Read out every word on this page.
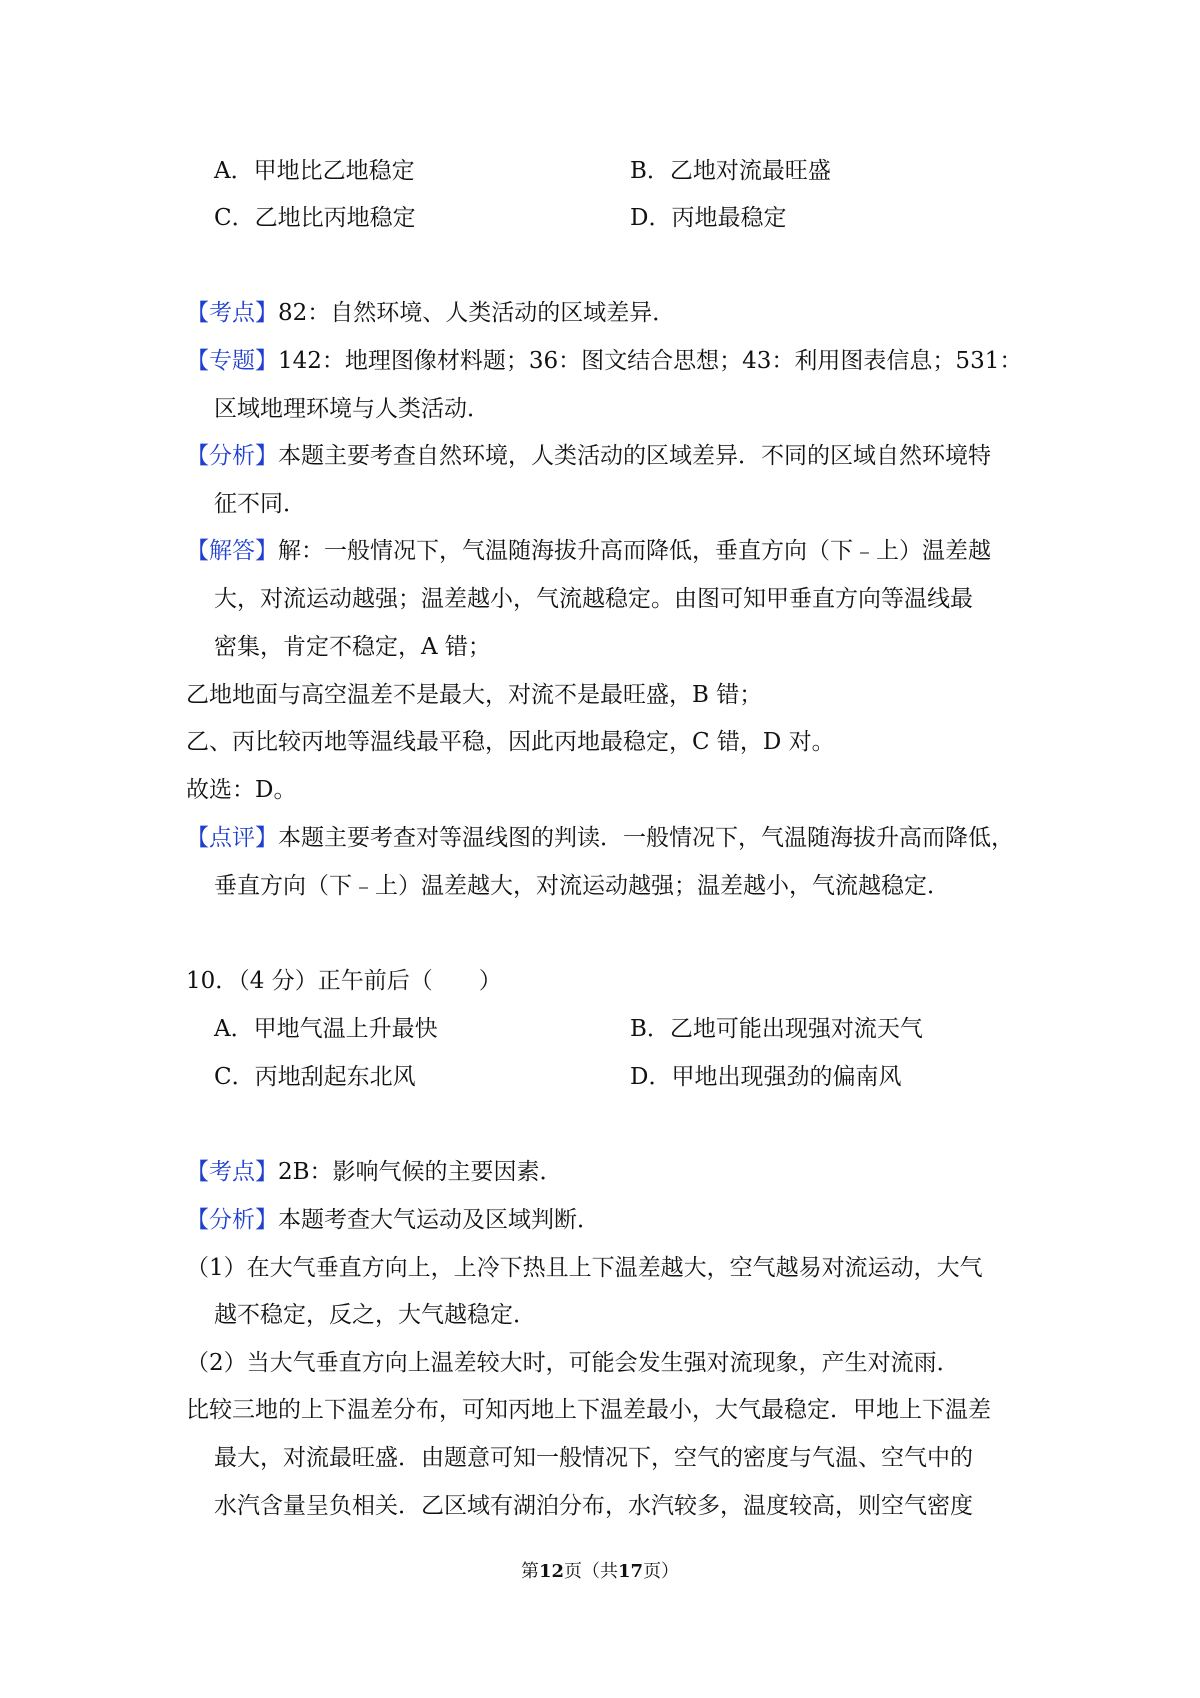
A．甲地比乙地稳定	B．乙地对流最旺盛
C．乙地比丙地稳定	D．丙地最稳定
【考点】82：自然环境、人类活动的区域差异．
【专题】142：地理图像材料题；36：图文结合思想；43：利用图表信息；531：
区域地理环境与人类活动．
【分析】本题主要考查自然环境，人类活动的区域差异．不同的区域自然环境特
征不同．
【解答】解：一般情况下，气温随海拔升高而降低，垂直方向（下﹣上）温差越
大，对流运动越强；温差越小，气流越稳定。由图可知甲垂直方向等温线最
密集，肯定不稳定，A 错；
乙地地面与高空温差不是最大，对流不是最旺盛，B 错；
乙、丙比较丙地等温线最平稳，因此丙地最稳定，C 错，D 对。
故选：D。
【点评】本题主要考查对等温线图的判读．一般情况下，气温随海拔升高而降低，
垂直方向（下﹣上）温差越大，对流运动越强；温差越小，气流越稳定．
10．（4 分）正午前后（　　）
A．甲地气温上升最快	B．乙地可能出现强对流天气
C．丙地刮起东北风	D．甲地出现强劲的偏南风
【考点】2B：影响气候的主要因素．
【分析】本题考查大气运动及区域判断．
（1）在大气垂直方向上，上冷下热且上下温差越大，空气越易对流运动，大气
越不稳定，反之，大气越稳定．
（2）当大气垂直方向上温差较大时，可能会发生强对流现象，产生对流雨．
比较三地的上下温差分布，可知丙地上下温差最小，大气最稳定．甲地上下温差
最大，对流最旺盛．由题意可知一般情况下，空气的密度与气温、空气中的
水汽含量呈负相关．乙区域有湖泊分布，水汽较多，温度较高，则空气密度
第12页（共17页）
